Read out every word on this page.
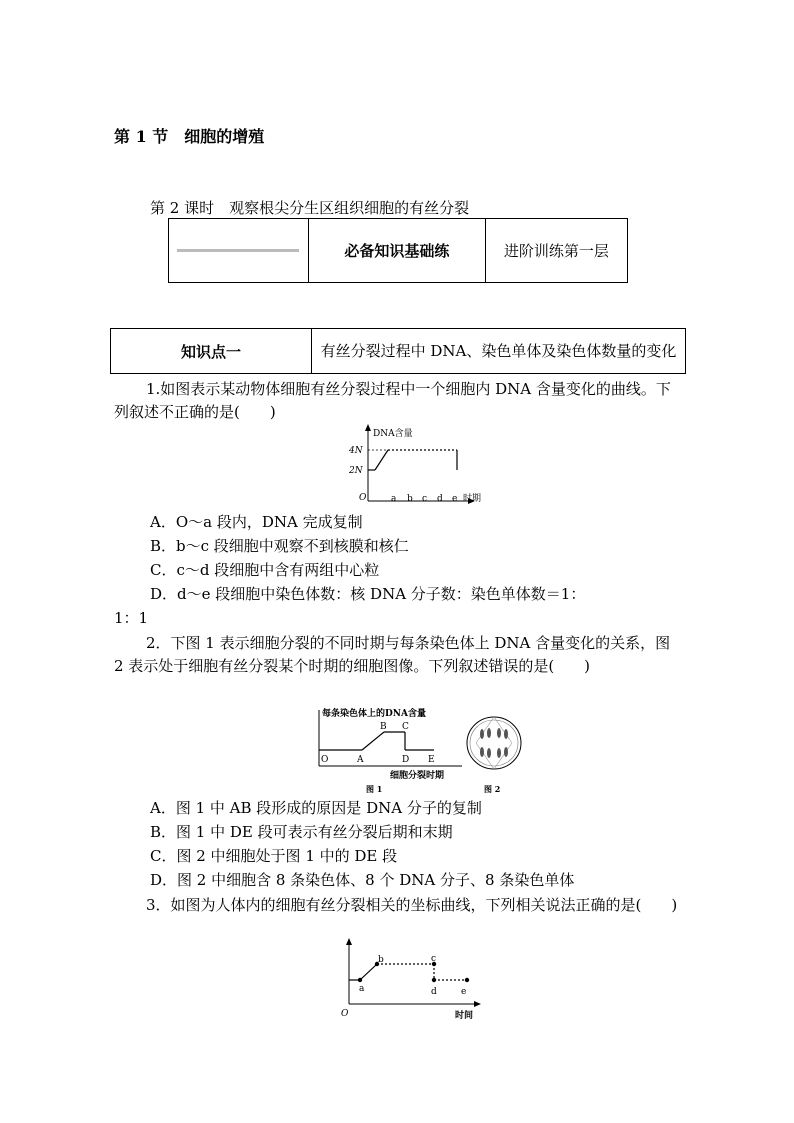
第 1 节　细胞的增殖
第 2 课时　观察根尖分生区组织细胞的有丝分裂
	必备知识基础练	进阶训练第一层
知识点一	有丝分裂过程中 DNA、染色单体及染色体数量的变化
1.如图表示某动物体细胞有丝分裂过程中一个细胞内 DNA 含量变化的曲线。下列叙述不正确的是(　　)
DNA含量
4N
2N
O	a b c d e 时期
A．O～a 段内，DNA 完成复制
B．b～c 段细胞中观察不到核膜和核仁
C．c～d 段细胞中含有两组中心粒
D．d～e 段细胞中染色体数：核 DNA 分子数：染色单体数＝1：
1：1
2．下图 1 表示细胞分裂的不同时期与每条染色体上 DNA 含量变化的关系，图 2 表示处于细胞有丝分裂某个时期的细胞图像。下列叙述错误的是(　　)
每条染色体上的DNA含量
O	A
B C
D E
细胞分裂时期
图 1	图 2
A．图 1 中 AB 段形成的原因是 DNA 分子的复制
B．图 1 中 DE 段可表示有丝分裂后期和末期
C．图 2 中细胞处于图 1 中的 DE 段
D．图 2 中细胞含 8 条染色体、8 个 DNA 分子、8 条染色单体
3．如图为人体内的细胞有丝分裂相关的坐标曲线，下列相关说法正确的是(　　)
a
b	c
d	e
O	时间
